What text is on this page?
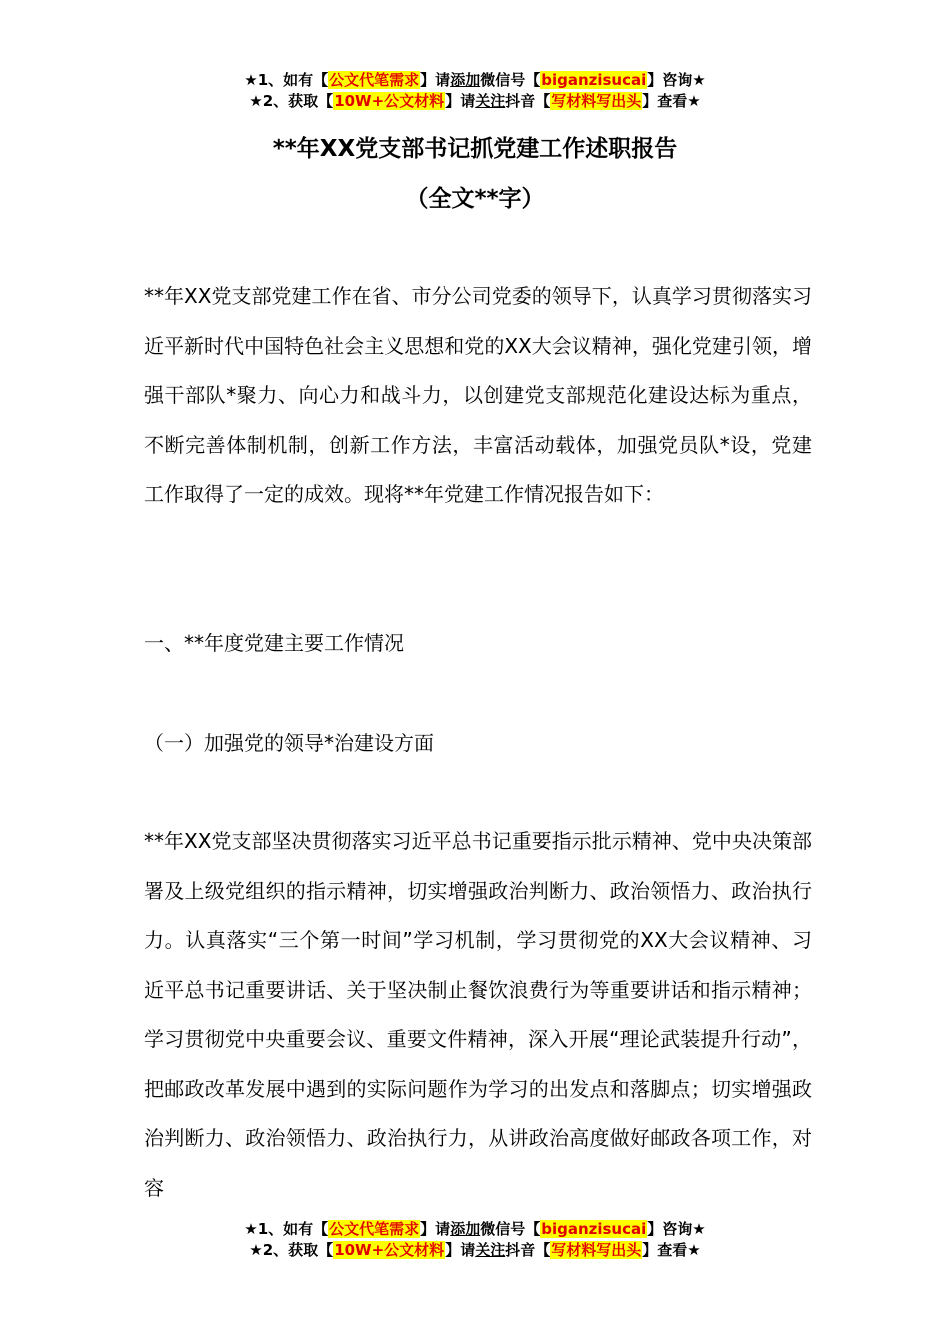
★1、如有【公文代笔需求】请添加微信号【biganzisucai】咨询★
★2、获取【10W+公文材料】请关注抖音【写材料写出头】查看★
**年XX党支部书记抓党建工作述职报告
（全文**字）

**年XX党支部党建工作在省、市分公司党委的领导下，认真学习贯彻落实习近平新时代中国特色社会主义思想和党的XX大会议精神，强化党建引领，增强干部队*聚力、向心力和战斗力，以创建党支部规范化建设达标为重点，不断完善体制机制，创新工作方法，丰富活动载体，加强党员队*设，党建工作取得了一定的成效。现将**年党建工作情况报告如下：

一、**年度党建主要工作情况

（一）加强党的领导*治建设方面

**年XX党支部坚决贯彻落实习近平总书记重要指示批示精神、党中央决策部署及上级党组织的指示精神，切实增强政治判断力、政治领悟力、政治执行力。认真落实“三个第一时间”学习机制，学习贯彻党的XX大会议精神、习近平总书记重要讲话、关于坚决制止餐饮浪费行为等重要讲话和指示精神；学习贯彻党中央重要会议、重要文件精神，深入开展“理论武装提升行动”，把邮政改革发展中遇到的实际问题作为学习的出发点和落脚点；切实增强政治判断力、政治领悟力、政治执行力，从讲政治高度做好邮政各项工作，对容

★1、如有【公文代笔需求】请添加微信号【biganzisucai】咨询★
★2、获取【10W+公文材料】请关注抖音【写材料写出头】查看★
